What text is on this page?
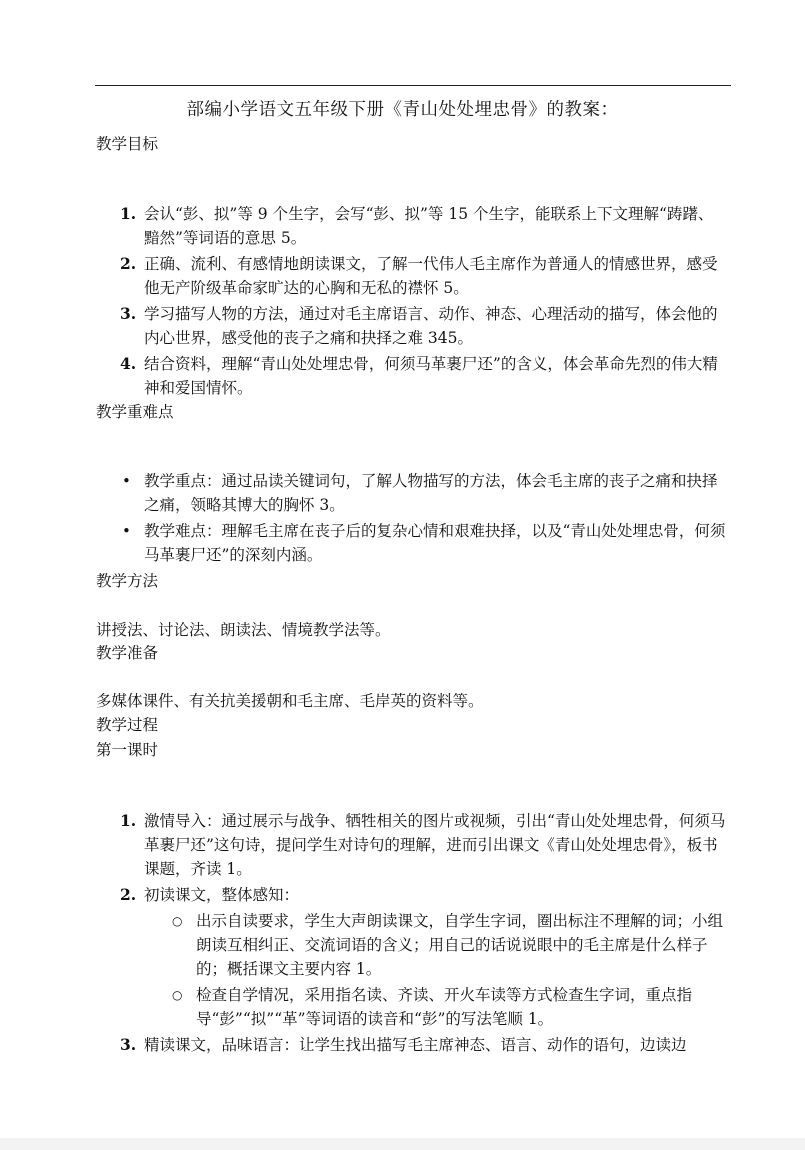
部编小学语文五年级下册《青山处处埋忠骨》的教案：
教学目标
1. 会认“彭、拟”等 9 个生字，会写“彭、拟”等 15 个生字，能联系上下文理解“踌躇、黯然”等词语的意思 5。
2. 正确、流利、有感情地朗读课文，了解一代伟人毛主席作为普通人的情感世界，感受他无产阶级革命家旷达的心胸和无私的襟怀 5。
3. 学习描写人物的方法，通过对毛主席语言、动作、神态、心理活动的描写，体会他的内心世界，感受他的丧子之痛和抉择之难 345。
4. 结合资料，理解“青山处处埋忠骨，何须马革裹尸还”的含义，体会革命先烈的伟大精神和爱国情怀。
教学重难点
• 教学重点：通过品读关键词句，了解人物描写的方法，体会毛主席的丧子之痛和抉择之痛，领略其博大的胸怀 3。
• 教学难点：理解毛主席在丧子后的复杂心情和艰难抉择，以及“青山处处埋忠骨，何须马革裹尸还”的深刻内涵。
教学方法
讲授法、讨论法、朗读法、情境教学法等。
教学准备
多媒体课件、有关抗美援朝和毛主席、毛岸英的资料等。
教学过程
第一课时
1. 激情导入：通过展示与战争、牺牲相关的图片或视频，引出“青山处处埋忠骨，何须马革裹尸还”这句诗，提问学生对诗句的理解，进而引出课文《青山处处埋忠骨》，板书课题，齐读 1。
2. 初读课文，整体感知：
○ 出示自读要求，学生大声朗读课文，自学生字词，圈出标注不理解的词；小组朗读互相纠正、交流词语的含义；用自己的话说说眼中的毛主席是什么样子的；概括课文主要内容 1。
○ 检查自学情况，采用指名读、齐读、开火车读等方式检查生字词，重点指导“彭”“拟”“革”等词语的读音和“彭”的写法笔顺 1。
3. 精读课文，品味语言：让学生找出描写毛主席神态、语言、动作的语句，边读边
